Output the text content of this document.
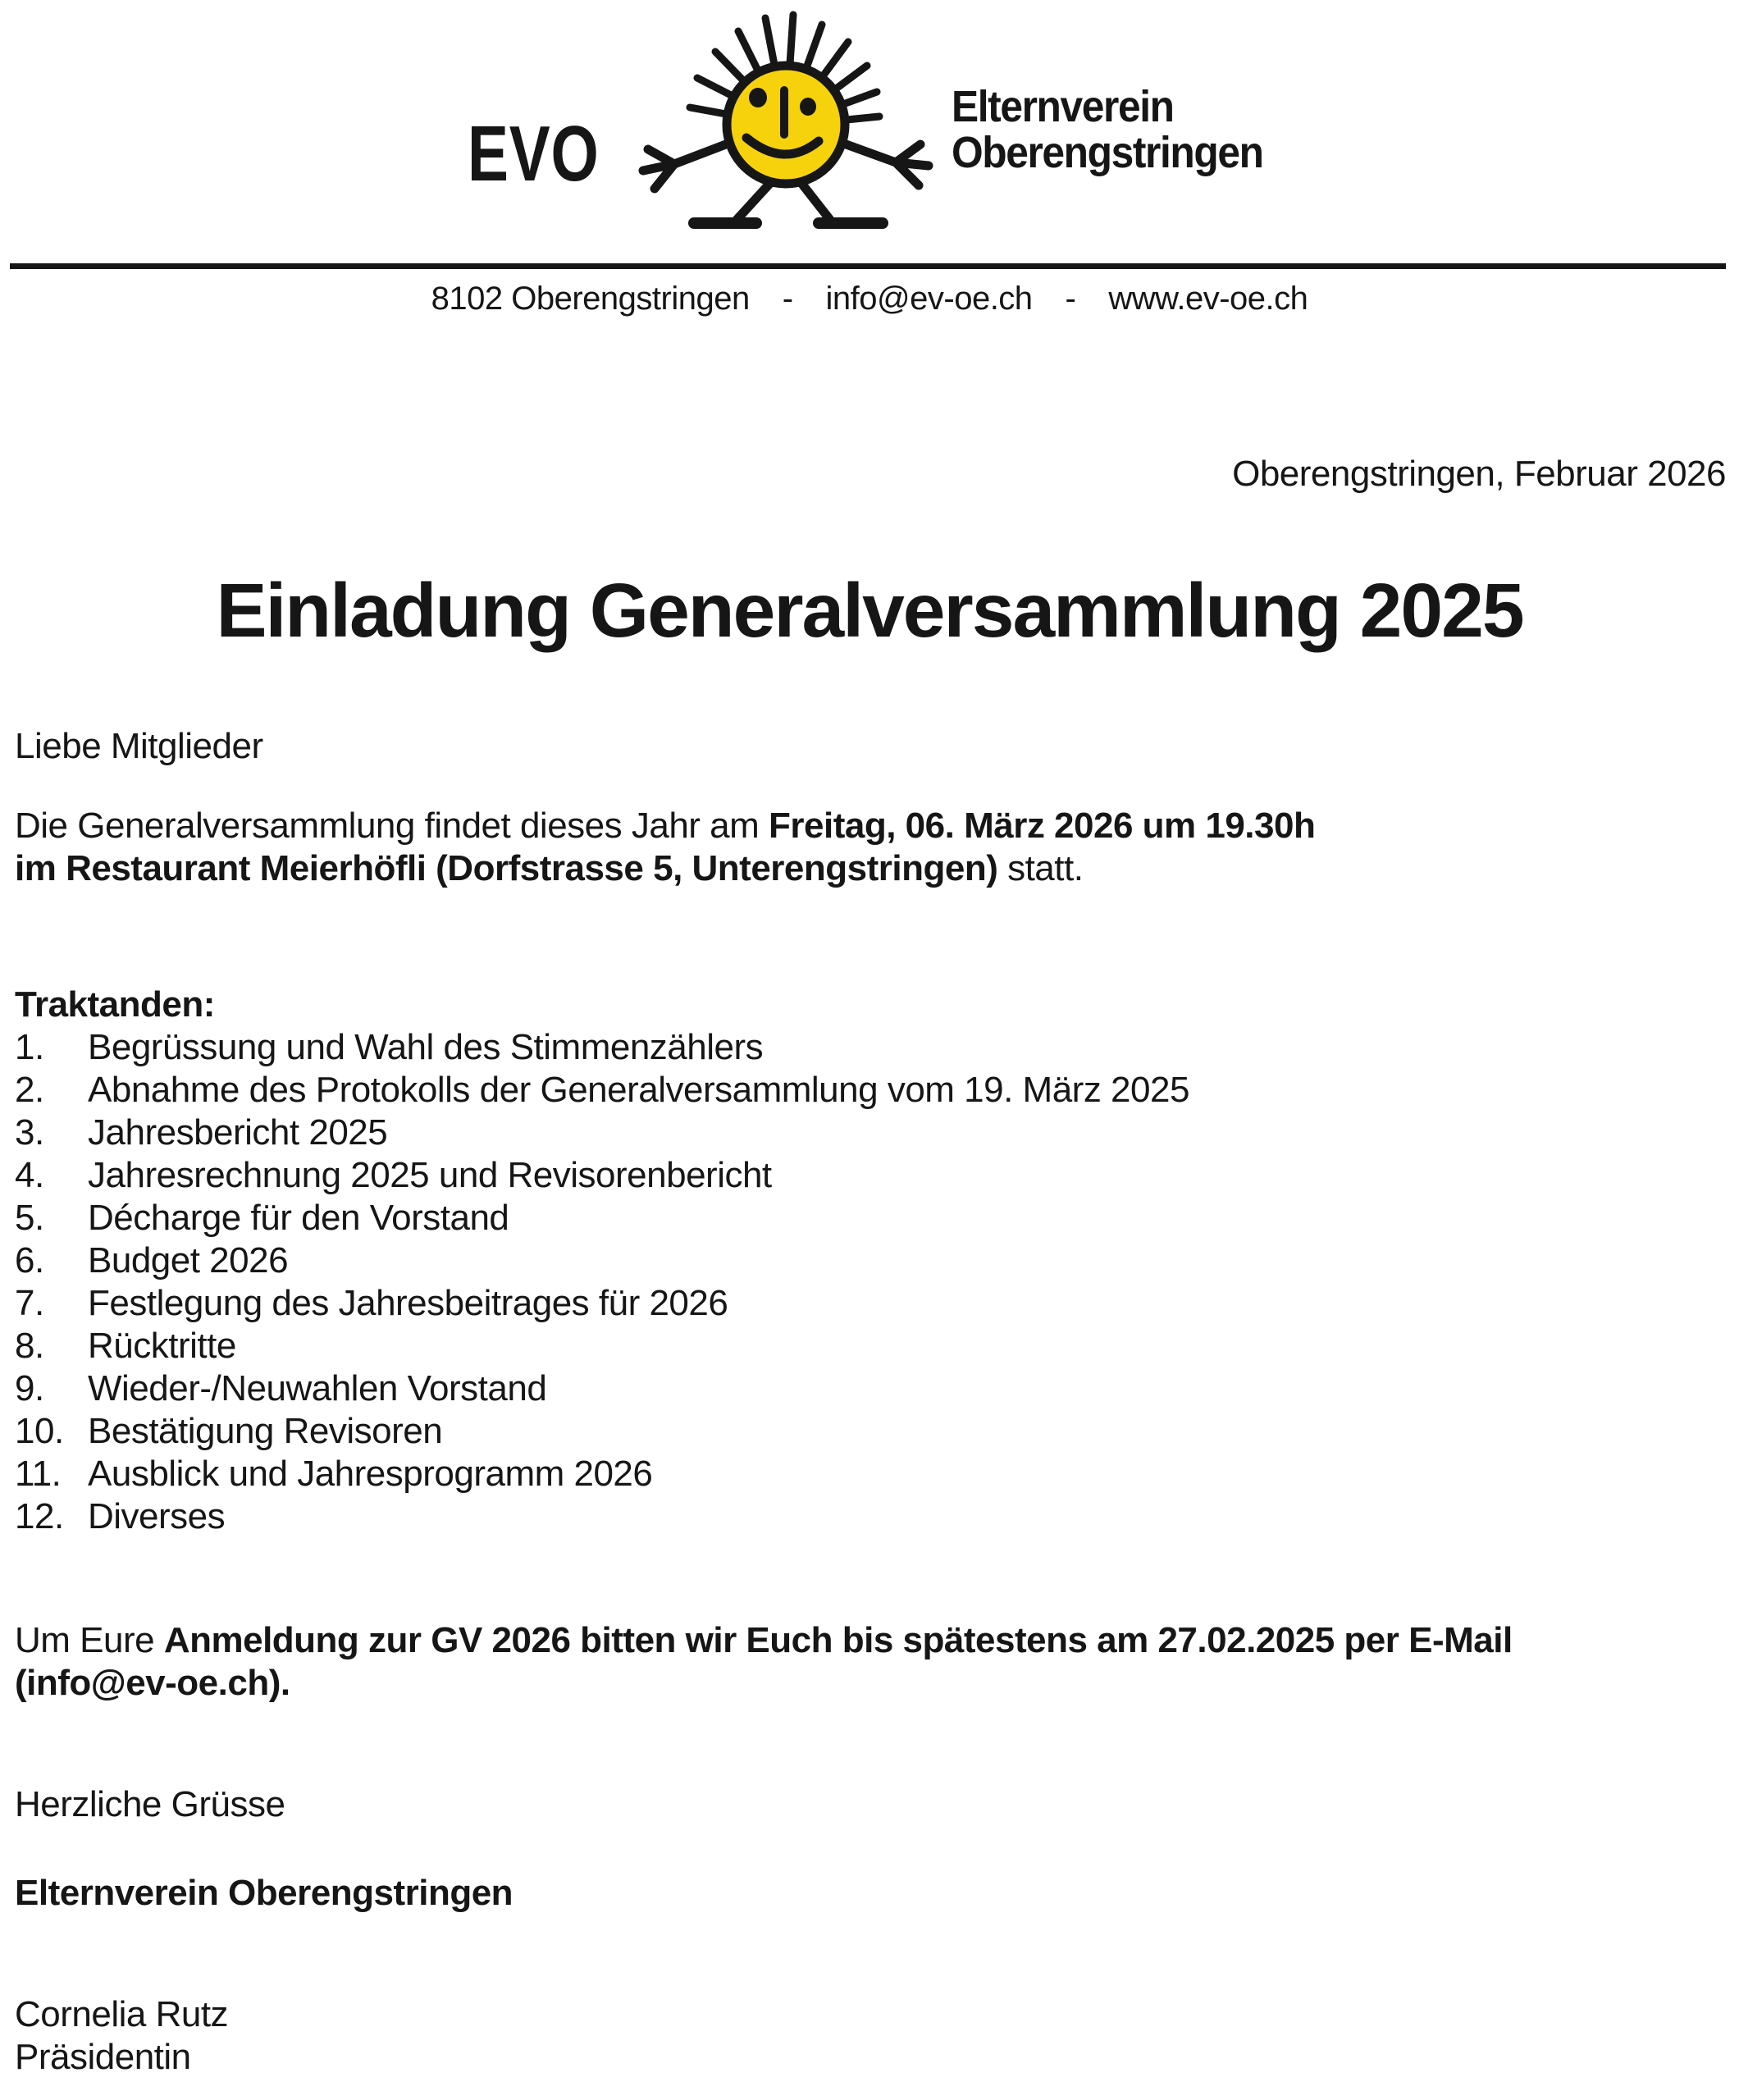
EVO
Elternverein
Oberengstringen
8102 Oberengstringen - info@ev-oe.ch - www.ev-oe.ch
Oberengstringen, Februar 2026
Einladung Generalversammlung 2025
Liebe Mitglieder
Die Generalversammlung findet dieses Jahr am Freitag, 06. März 2026 um 19.30h
im Restaurant Meierhöfli (Dorfstrasse 5, Unterengstringen) statt.
Traktanden:
1.	Begrüssung und Wahl des Stimmenzählers
2.	Abnahme des Protokolls der Generalversammlung vom 19. März 2025
3.	Jahresbericht 2025
4.	Jahresrechnung 2025 und Revisorenbericht
5.	Décharge für den Vorstand
6.	Budget 2026
7.	Festlegung des Jahresbeitrages für 2026
8.	Rücktritte
9.	Wieder-/Neuwahlen Vorstand
10. Bestätigung Revisoren
11. Ausblick und Jahresprogramm 2026
12. Diverses
Um Eure Anmeldung zur GV 2026 bitten wir Euch bis spätestens am 27.02.2025 per E-Mail
(info@ev-oe.ch).
Herzliche Grüsse
Elternverein Oberengstringen
Cornelia Rutz
Präsidentin
